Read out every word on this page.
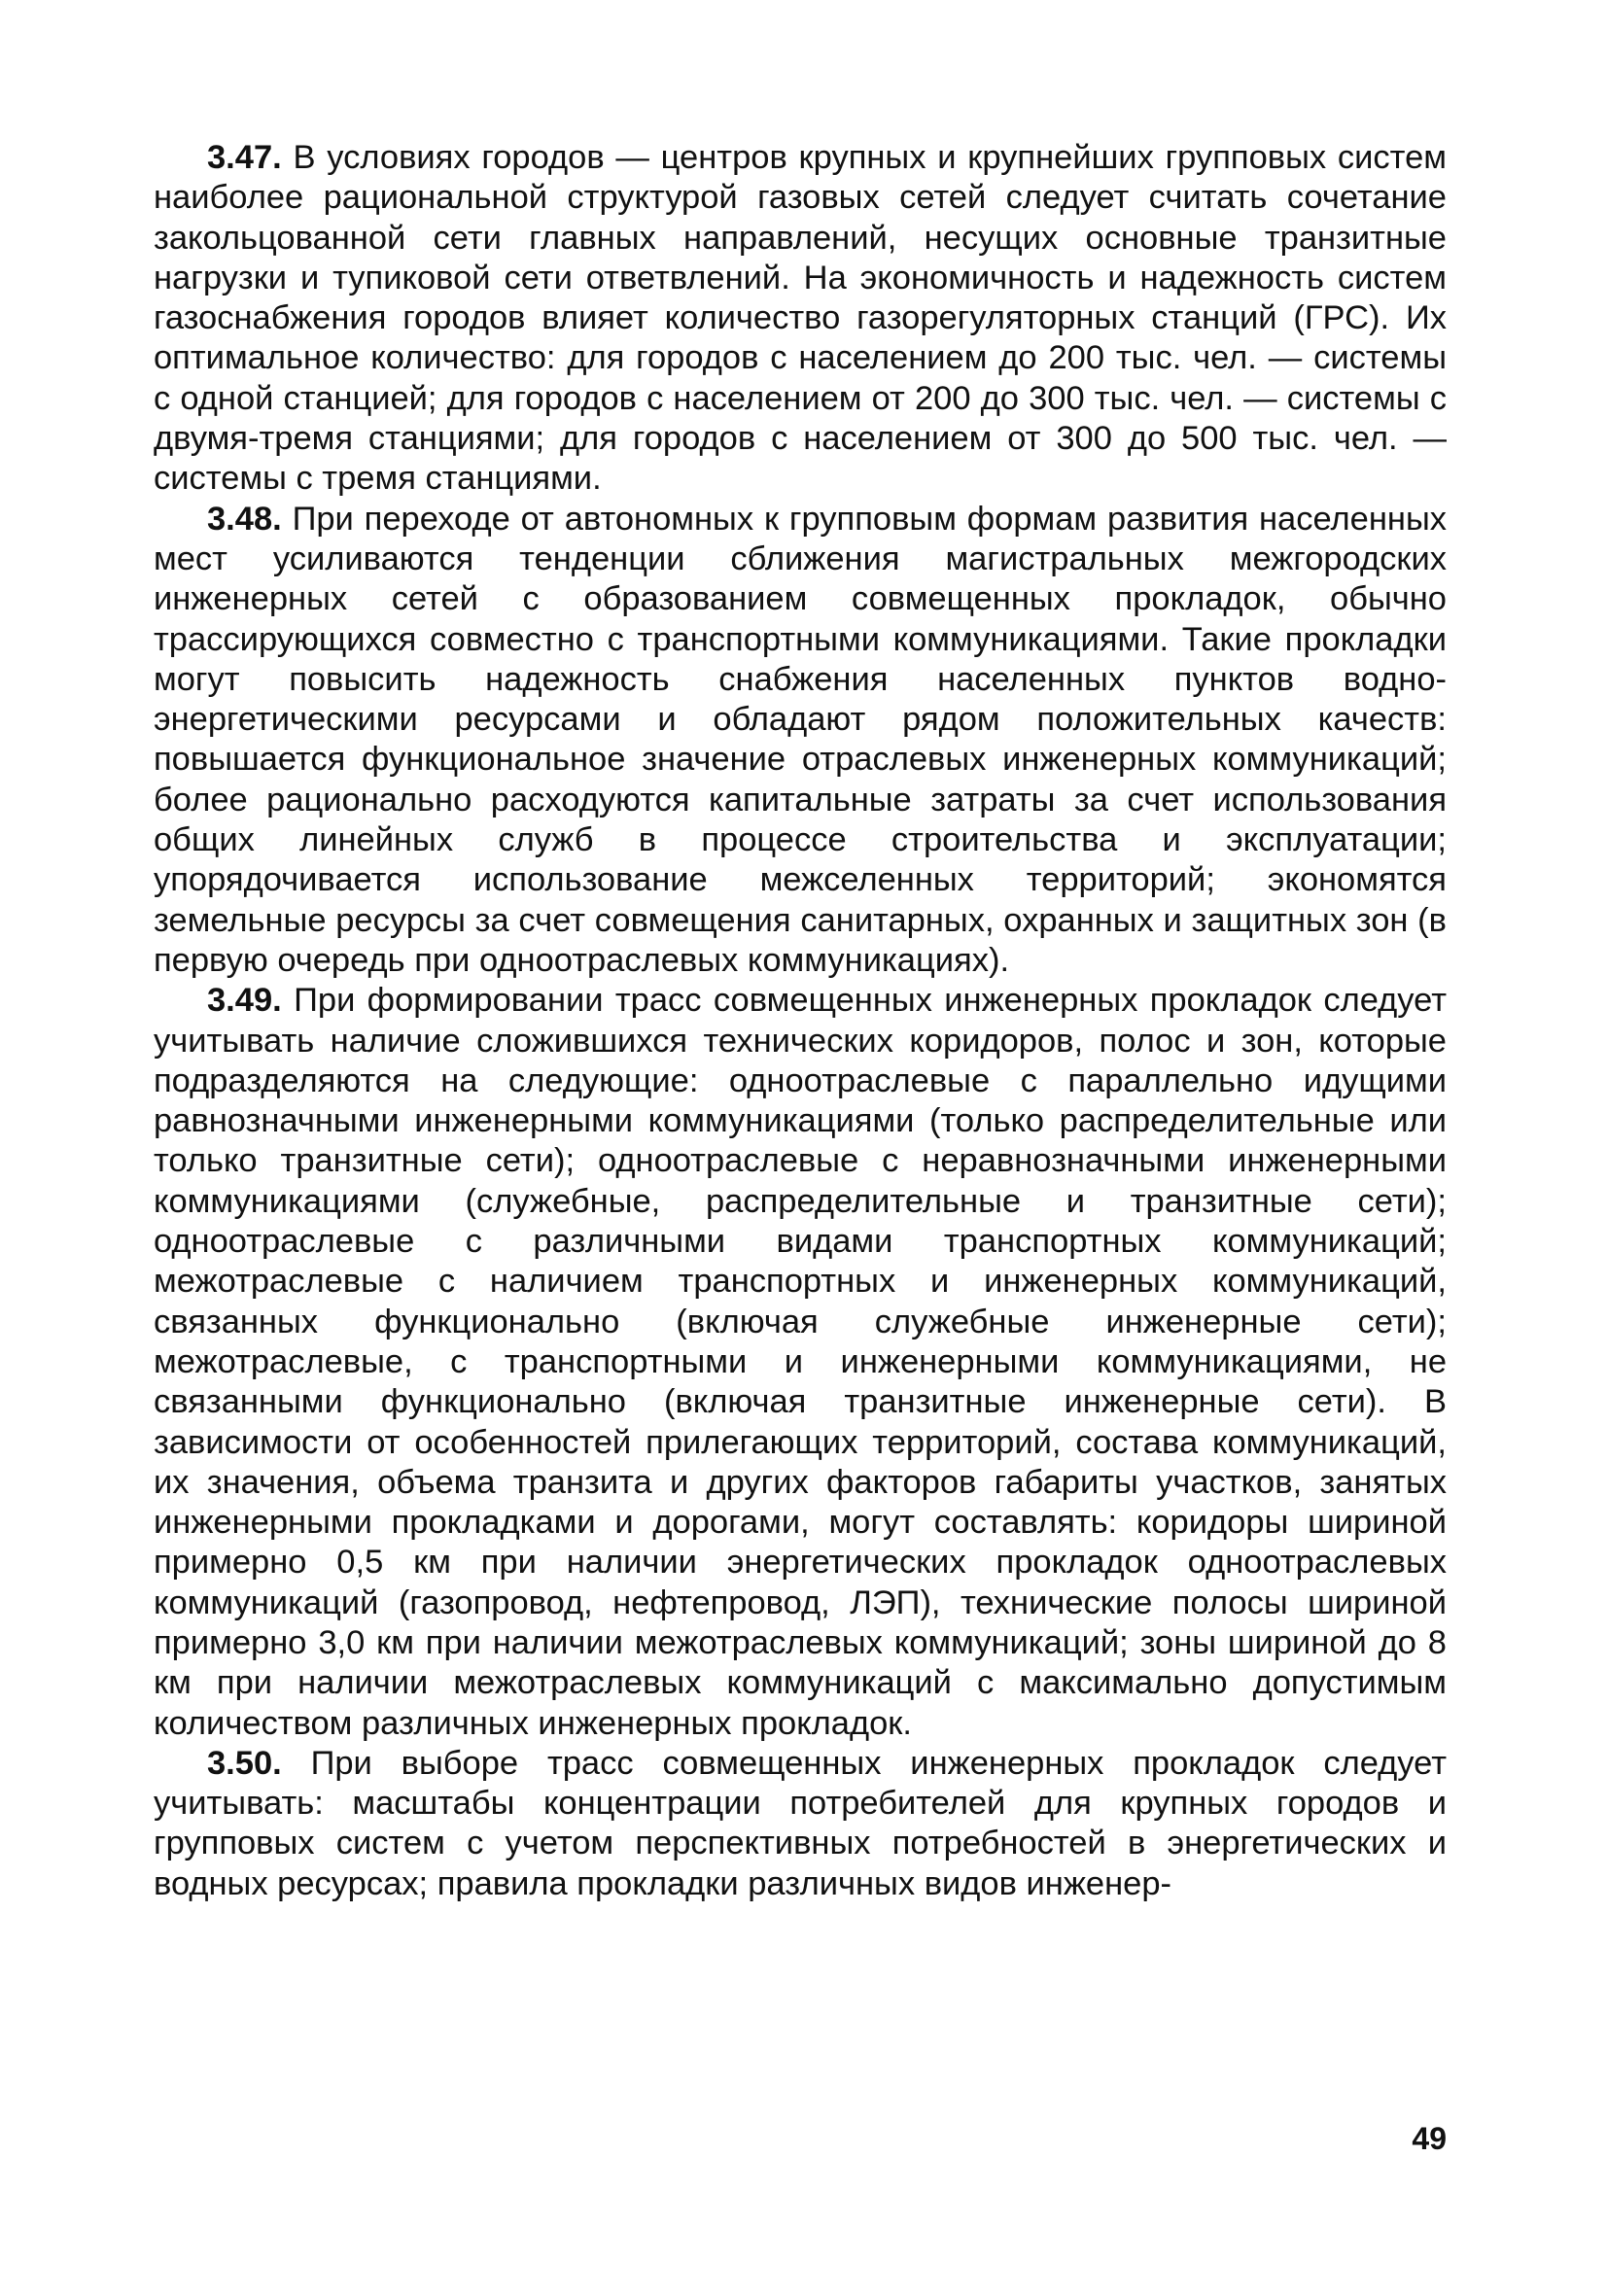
3.47. В условиях городов — центров крупных и крупнейших групповых систем наиболее рациональной структурой газовых сетей следует считать сочетание закольцованной сети главных направлений, несущих основные транзитные нагрузки и тупиковой сети ответвлений. На экономичность и надежность систем газоснабжения городов влияет количество газорегуляторных станций (ГРС). Их оптимальное количество: для городов с населением до 200 тыс. чел. — системы с одной станцией; для городов с населением от 200 до 300 тыс. чел. — системы с двумя-тремя станциями; для городов с населением от 300 до 500 тыс. чел. — системы с тремя станциями.

3.48. При переходе от автономных к групповым формам развития населенных мест усиливаются тенденции сближения магистральных межгородских инженерных сетей с образованием совмещенных прокладок, обычно трассирующихся совместно с транспортными коммуникациями. Такие прокладки могут повысить надежность снабжения населенных пунктов водно-энергетическими ресурсами и обладают рядом положительных качеств: повышается функциональное значение отраслевых инженерных коммуникаций; более рационально расходуются капитальные затраты за счет использования общих линейных служб в процессе строительства и эксплуатации; упорядочивается использование межселенных территорий; экономятся земельные ресурсы за счет совмещения санитарных, охранных и защитных зон (в первую очередь при одноотраслевых коммуникациях).

3.49. При формировании трасс совмещенных инженерных прокладок следует учитывать наличие сложившихся технических коридоров, полос и зон, которые подразделяются на следующие: одноотраслевые с параллельно идущими равнозначными инженерными коммуникациями (только распределительные или только транзитные сети); одноотраслевые с неравнозначными инженерными коммуникациями (служебные, распределительные и транзитные сети); одноотраслевые с различными видами транспортных коммуникаций; межотраслевые с наличием транспортных и инженерных коммуникаций, связанных функционально (включая служебные инженерные сети); межотраслевые, с транспортными и инженерными коммуникациями, не связанными функционально (включая транзитные инженерные сети). В зависимости от особенностей прилегающих территорий, состава коммуникаций, их значения, объема транзита и других факторов габариты участков, занятых инженерными прокладками и дорогами, могут составлять: коридоры шириной примерно 0,5 км при наличии энергетических прокладок одноотраслевых коммуникаций (газопровод, нефтепровод, ЛЭП), технические полосы шириной примерно 3,0 км при наличии межотраслевых коммуникаций; зоны шириной до 8 км при наличии межотраслевых коммуникаций с максимально допустимым количеством различных инженерных прокладок.

3.50. При выборе трасс совмещенных инженерных прокладок следует учитывать: масштабы концентрации потребителей для крупных городов и групповых систем с учетом перспективных потребностей в энергетических и водных ресурсах; правила прокладки различных видов инженер-

49
